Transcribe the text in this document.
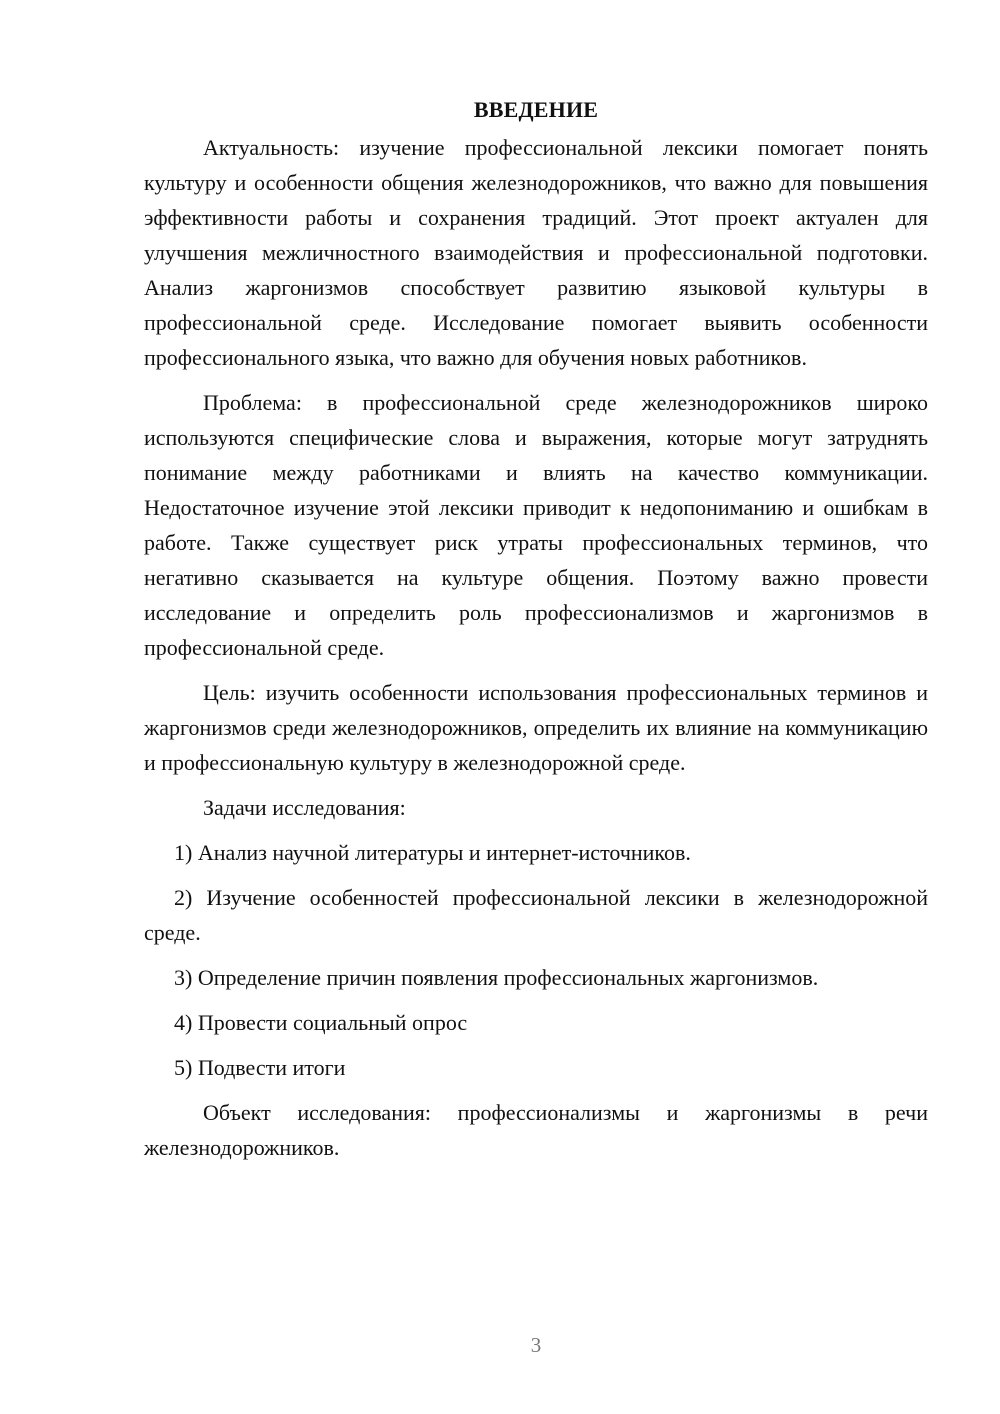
ВВЕДЕНИЕ

Актуальность: изучение профессиональной лексики помогает понять культуру и особенности общения железнодорожников, что важно для повышения эффективности работы и сохранения традиций. Этот проект актуален для улучшения межличностного взаимодействия и профессиональной подготовки. Анализ жаргонизмов способствует развитию языковой культуры в профессиональной среде. Исследование помогает выявить особенности профессионального языка, что важно для обучения новых работников.

Проблема: в профессиональной среде железнодорожников широко используются специфические слова и выражения, которые могут затруднять понимание между работниками и влиять на качество коммуникации. Недостаточное изучение этой лексики приводит к недопониманию и ошибкам в работе. Также существует риск утраты профессиональных терминов, что негативно сказывается на культуре общения. Поэтому важно провести исследование и определить роль профессионализмов и жаргонизмов в профессиональной среде.

Цель: изучить особенности использования профессиональных терминов и жаргонизмов среди железнодорожников, определить их влияние на коммуникацию и профессиональную культуру в железнодорожной среде.

Задачи исследования:

1) Анализ научной литературы и интернет-источников.

2) Изучение особенностей профессиональной лексики в железнодорожной среде.

3) Определение причин появления профессиональных жаргонизмов.

4) Провести социальный опрос

5) Подвести итоги

Объект исследования: профессионализмы и жаргонизмы в речи железнодорожников.

3
